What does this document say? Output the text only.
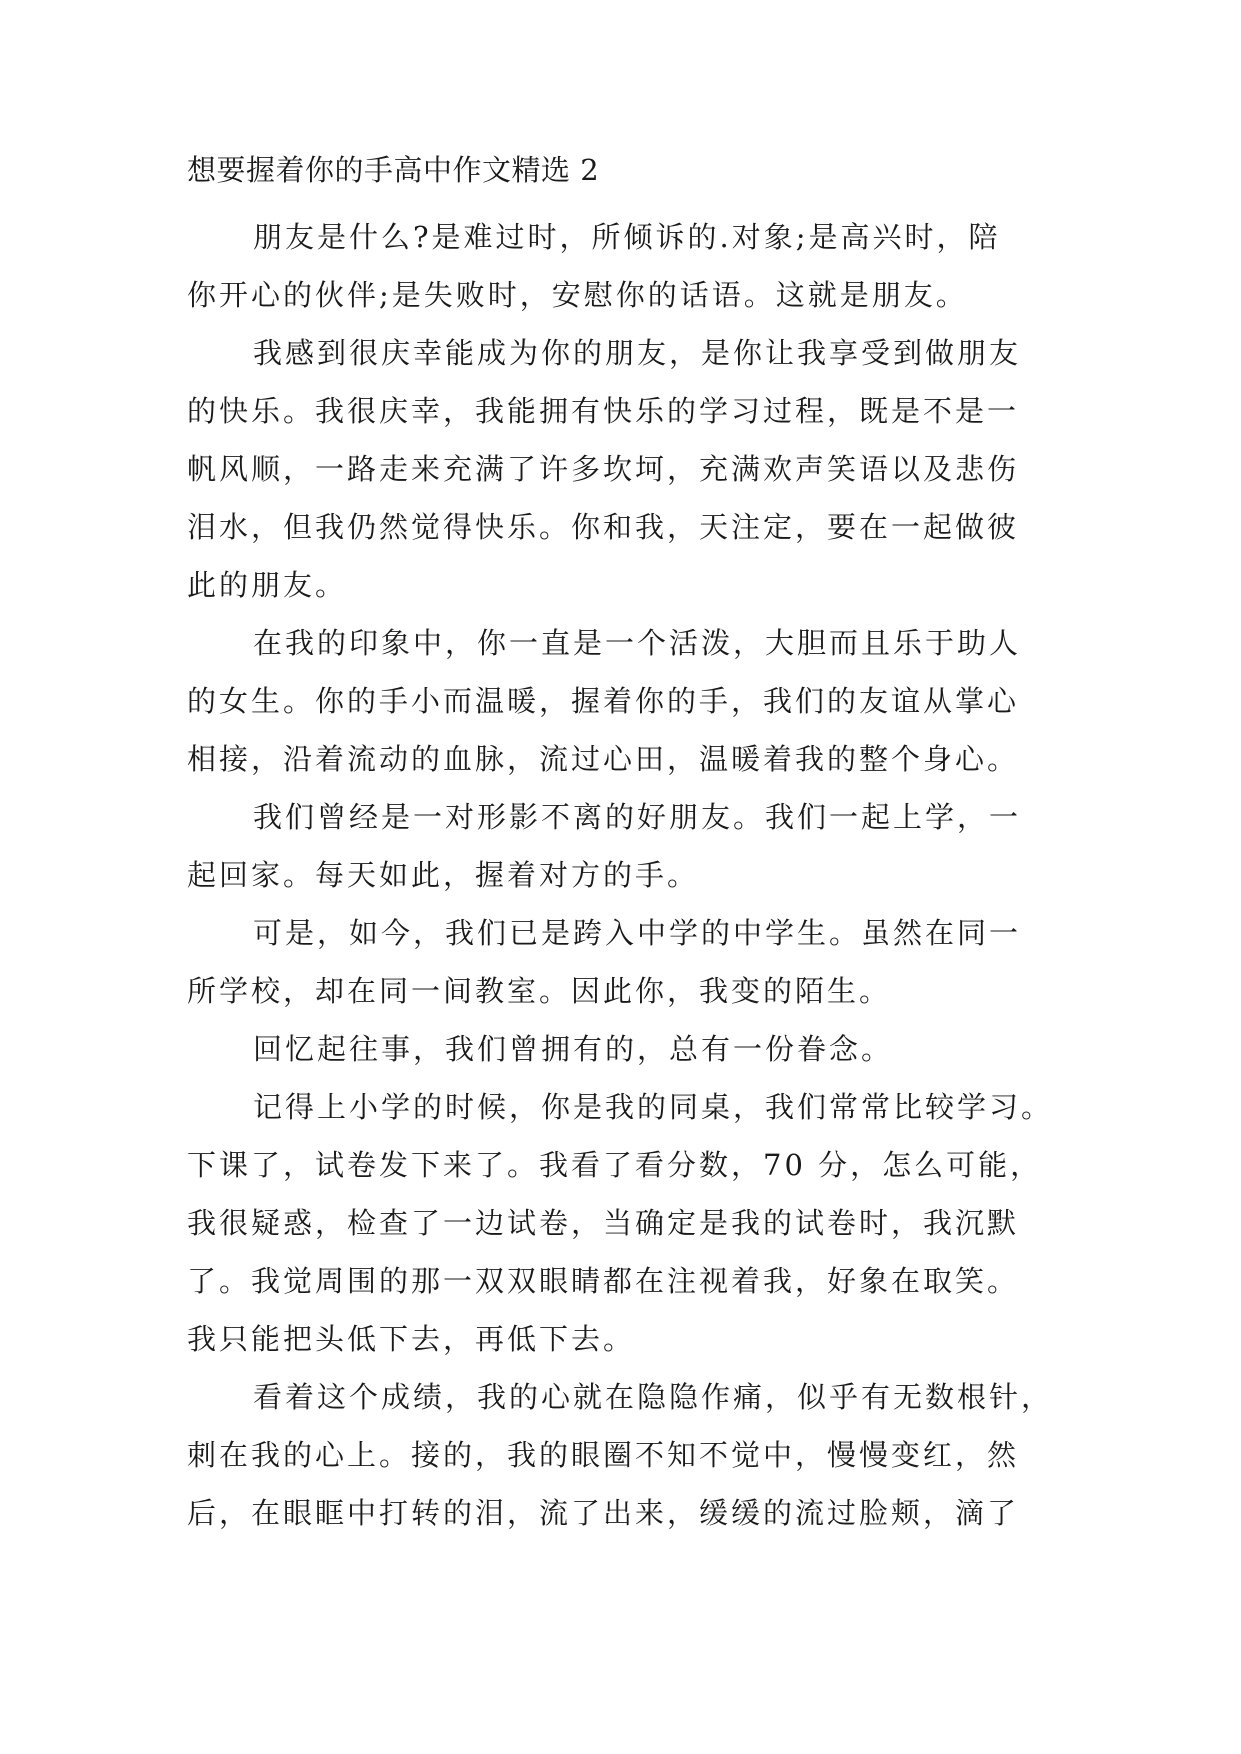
想要握着你的手高中作文精选 2
朋友是什么?是难过时，所倾诉的.对象;是高兴时，陪
你开心的伙伴;是失败时，安慰你的话语。这就是朋友。
我感到很庆幸能成为你的朋友，是你让我享受到做朋友
的快乐。我很庆幸，我能拥有快乐的学习过程，既是不是一
帆风顺，一路走来充满了许多坎坷，充满欢声笑语以及悲伤
泪水，但我仍然觉得快乐。你和我，天注定，要在一起做彼
此的朋友。
在我的印象中，你一直是一个活泼，大胆而且乐于助人
的女生。你的手小而温暖，握着你的手，我们的友谊从掌心
相接，沿着流动的血脉，流过心田，温暖着我的整个身心。
我们曾经是一对形影不离的好朋友。我们一起上学，一
起回家。每天如此，握着对方的手。
可是，如今，我们已是跨入中学的中学生。虽然在同一
所学校，却在同一间教室。因此你，我变的陌生。
回忆起往事，我们曾拥有的，总有一份眷念。
记得上小学的时候，你是我的同桌，我们常常比较学习。
下课了，试卷发下来了。我看了看分数，70 分，怎么可能，
我很疑惑，检查了一边试卷，当确定是我的试卷时，我沉默
了。我觉周围的那一双双眼睛都在注视着我，好象在取笑。
我只能把头低下去，再低下去。
看着这个成绩，我的心就在隐隐作痛，似乎有无数根针，
刺在我的心上。接的，我的眼圈不知不觉中，慢慢变红，然
后，在眼眶中打转的泪，流了出来，缓缓的流过脸颊，滴了
